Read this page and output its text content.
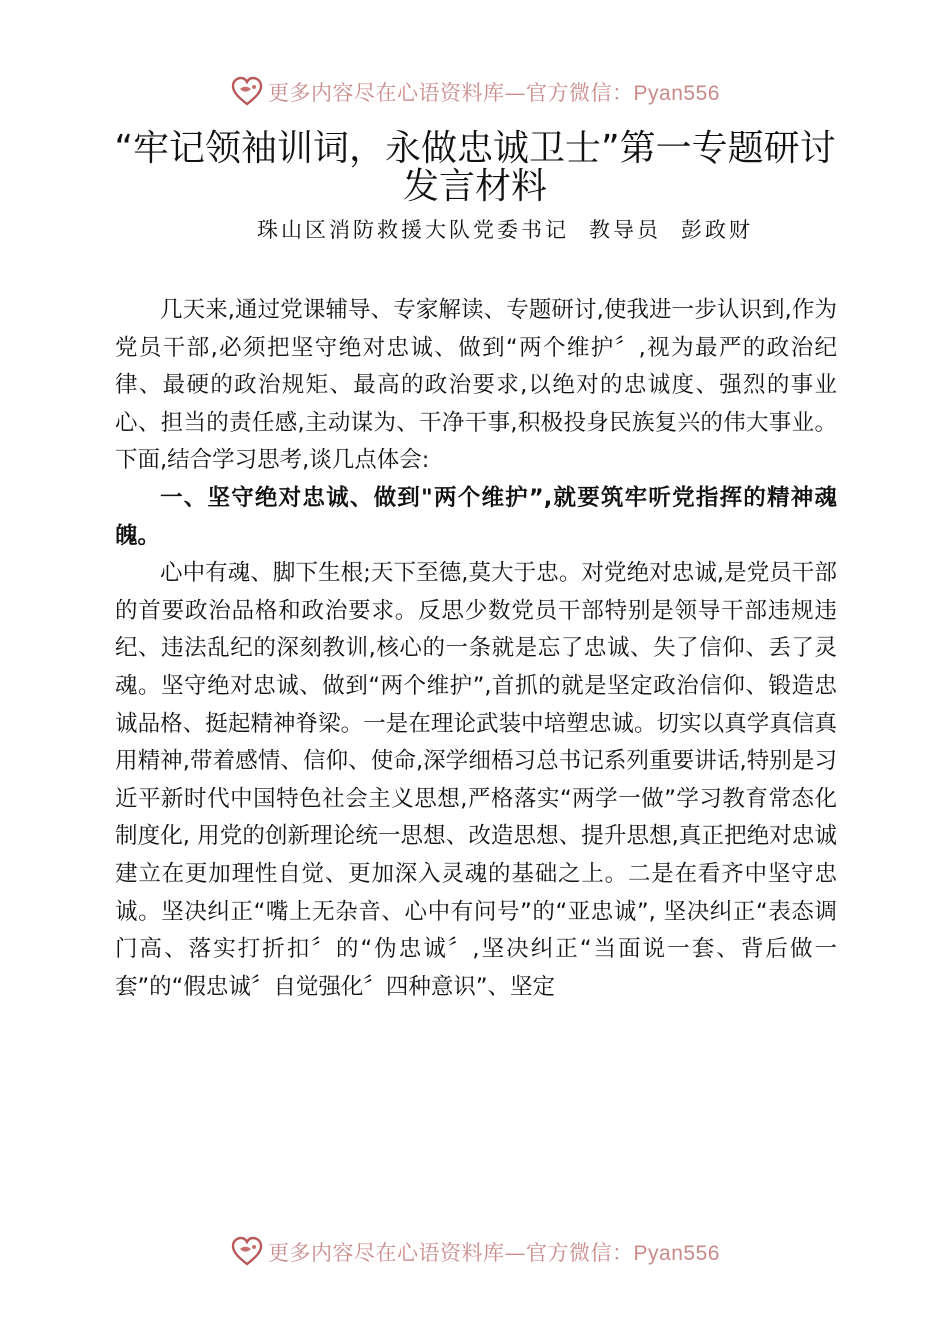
更多内容尽在心语资料库—官方微信：Pyan556
“牢记领袖训词，永做忠诚卫士”第一专题研讨
发言材料
珠山区消防救援大队党委书记 教导员 彭政财

几天来,通过党课辅导、专家解读、专题研讨,使我进一步认识到,作为党员干部,必须把坚守绝对忠诚、做到“两个维护〞,视为最严的政治纪律、最硬的政治规矩、最高的政治要求,以绝对的忠诚度、强烈的事业心、担当的责任感,主动谋为、干净干事,积极投身民族复兴的伟大事业。下面,结合学习思考,谈几点体会:

一、坚守绝对忠诚、做到"两个维护”,就要筑牢听党指挥的精神魂魄。

心中有魂、脚下生根;天下至德,莫大于忠。对党绝对忠诚,是党员干部的首要政治品格和政治要求。反思少数党员干部特别是领导干部违规违纪、违法乱纪的深刻教训,核心的一条就是忘了忠诚、失了信仰、丢了灵魂。坚守绝对忠诚、做到“两个维护”,首抓的就是坚定政治信仰、锻造忠诚品格、挺起精神脊梁。一是在理论武装中培塑忠诚。切实以真学真信真用精神,带着感情、信仰、使命,深学细梧习总书记系列重要讲话,特别是习近平新时代中国特色社会主义思想,严格落实“两学一做”学习教育常态化制度化, 用党的创新理论统一思想、改造思想、提升思想,真正把绝对忠诚建立在更加理性自觉、更加深入灵魂的基础之上。二是在看齐中坚守忠诚。坚决纠正“嘴上无杂音、心中有问号”的“亚忠诚”, 坚决纠正“表态调门高、落实打折扣〞的“伪忠诚〞,坚决纠正“当面说一套、背后做一套”的“假忠诚〞自觉强化〞四种意识”、坚定

更多内容尽在心语资料库—官方微信：Pyan556
